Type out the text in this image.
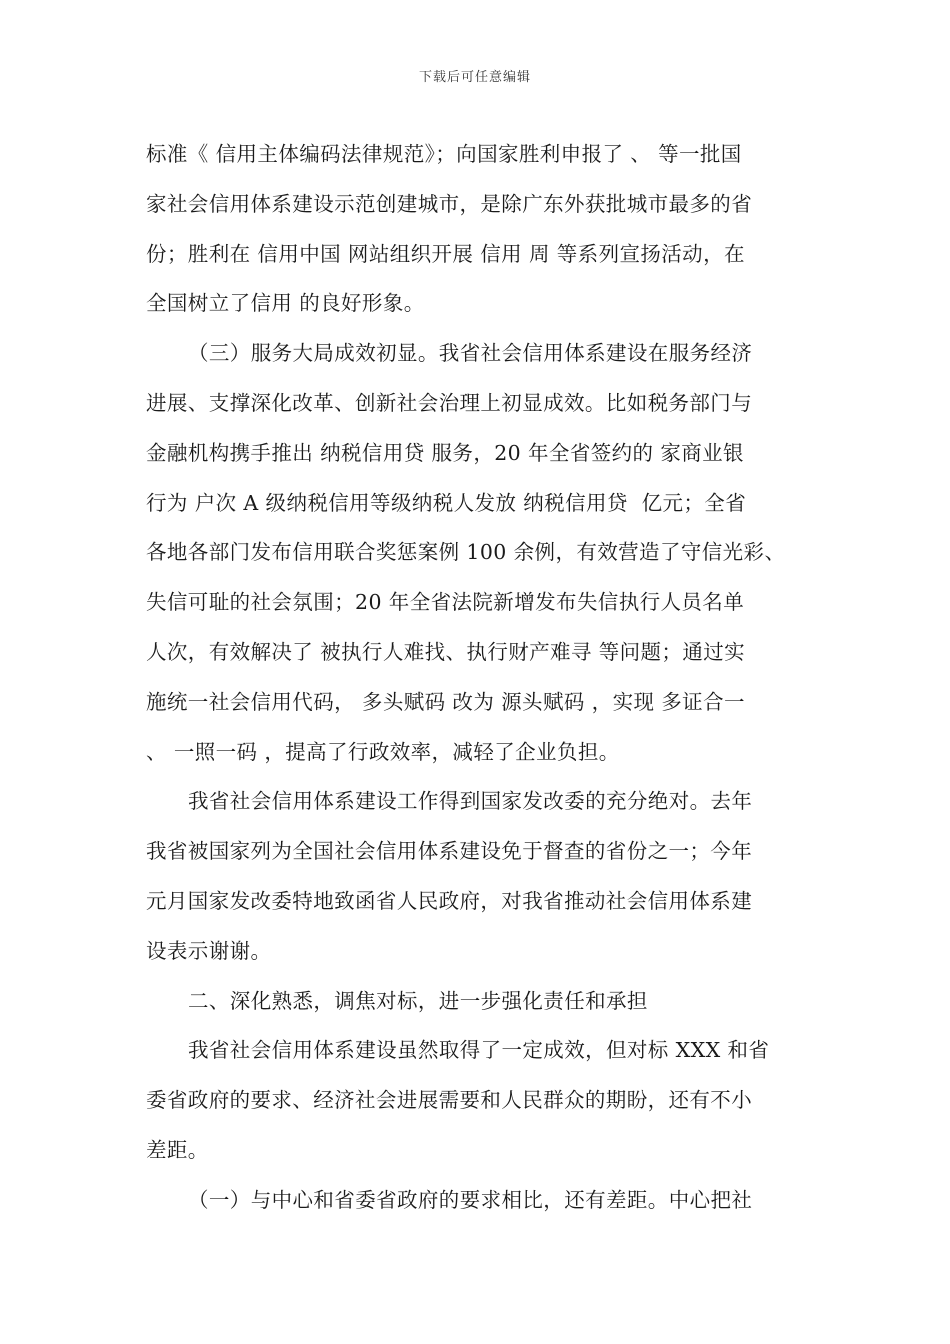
下载后可任意编辑
标准《 信用主体编码法律规范》；向国家胜利申报了 、 等一批国
家社会信用体系建设示范创建城市，是除广东外获批城市最多的省
份；胜利在 信用中国 网站组织开展 信用 周 等系列宣扬活动，在
全国树立了信用 的良好形象。
（三）服务大局成效初显。我省社会信用体系建设在服务经济
进展、支撑深化改革、创新社会治理上初显成效。比如税务部门与
金融机构携手推出 纳税信用贷 服务，20 年全省签约的 家商业银
行为 户次 A 级纳税信用等级纳税人发放 纳税信用贷  亿元；全省
各地各部门发布信用联合奖惩案例 100 余例，有效营造了守信光彩、
失信可耻的社会氛围；20 年全省法院新增发布失信执行人员名单
人次，有效解决了 被执行人难找、执行财产难寻 等问题；通过实
施统一社会信用代码， 多头赋码 改为 源头赋码 ，实现 多证合一
、 一照一码 ，提高了行政效率，减轻了企业负担。
我省社会信用体系建设工作得到国家发改委的充分绝对。去年
我省被国家列为全国社会信用体系建设免于督查的省份之一；今年
元月国家发改委特地致函省人民政府，对我省推动社会信用体系建
设表示谢谢。
二、深化熟悉，调焦对标，进一步强化责任和承担
我省社会信用体系建设虽然取得了一定成效，但对标 XXX 和省
委省政府的要求、经济社会进展需要和人民群众的期盼，还有不小
差距。
（一）与中心和省委省政府的要求相比，还有差距。中心把社
